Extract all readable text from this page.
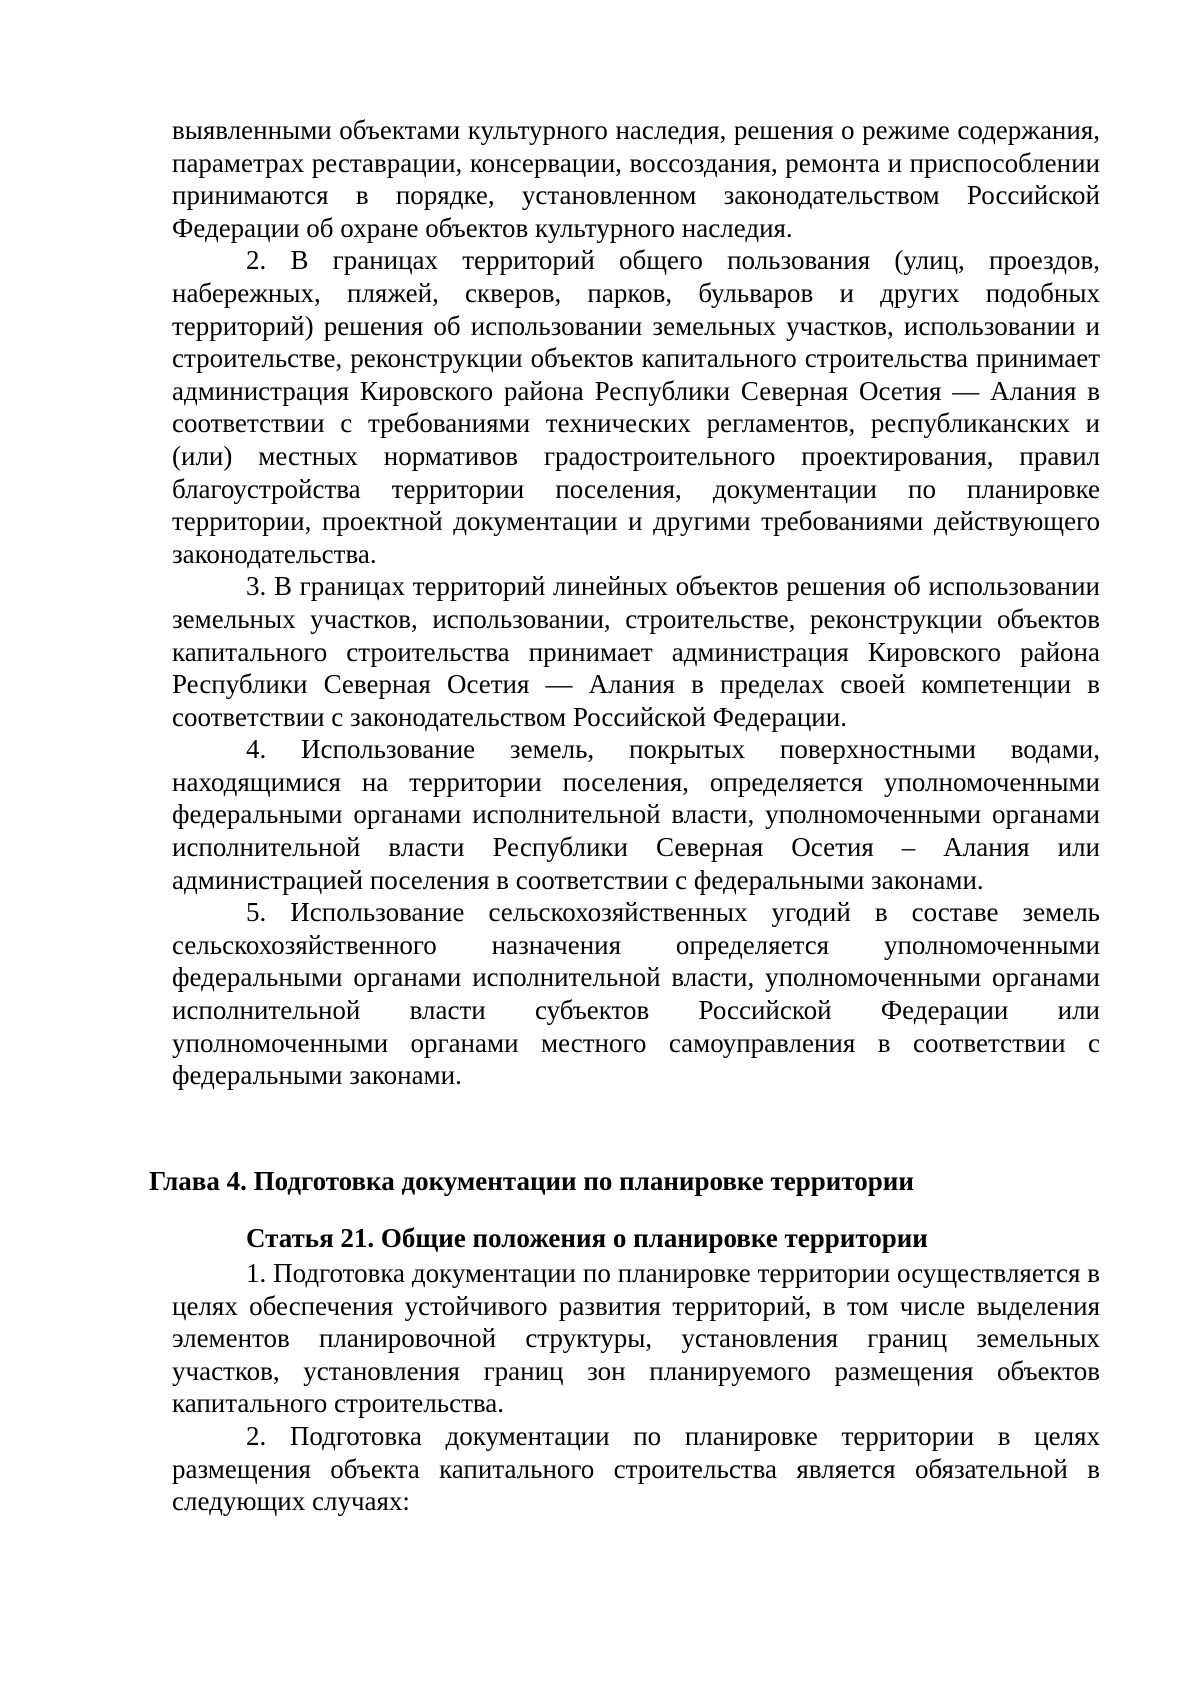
выявленными объектами культурного наследия, решения о режиме содержания, параметрах реставрации, консервации, воссоздания, ремонта и приспособлении принимаются в порядке, установленном законодательством Российской Федерации об охране объектов культурного наследия.

2. В границах территорий общего пользования (улиц, проездов, набережных, пляжей, скверов, парков, бульваров и других подобных территорий) решения об использовании земельных участков, использовании и строительстве, реконструкции объектов капитального строительства принимает администрация Кировского района Республики Северная Осетия — Алания в соответствии с требованиями технических регламентов, республиканских и (или) местных нормативов градостроительного проектирования, правил благоустройства территории поселения, документации по планировке территории, проектной документации и другими требованиями действующего законодательства.

3. В границах территорий линейных объектов решения об использовании земельных участков, использовании, строительстве, реконструкции объектов капитального строительства принимает администрация Кировского района Республики Северная Осетия — Алания в пределах своей компетенции в соответствии с законодательством Российской Федерации.

4. Использование земель, покрытых поверхностными водами, находящимися на территории поселения, определяется уполномоченными федеральными органами исполнительной власти, уполномоченными органами исполнительной власти Республики Северная Осетия – Алания или администрацией поселения в соответствии с федеральными законами.

5. Использование сельскохозяйственных угодий в составе земель сельскохозяйственного назначения определяется уполномоченными федеральными органами исполнительной власти, уполномоченными органами исполнительной власти субъектов Российской Федерации или уполномоченными органами местного самоуправления в соответствии с федеральными законами.

Глава 4. Подготовка документации по планировке территории
Статья 21. Общие положения о планировке территории

1. Подготовка документации по планировке территории осуществляется в целях обеспечения устойчивого развития территорий, в том числе выделения элементов планировочной структуры, установления границ земельных участков, установления границ зон планируемого размещения объектов капитального строительства.

2. Подготовка документации по планировке территории в целях размещения объекта капитального строительства является обязательной в следующих случаях:
